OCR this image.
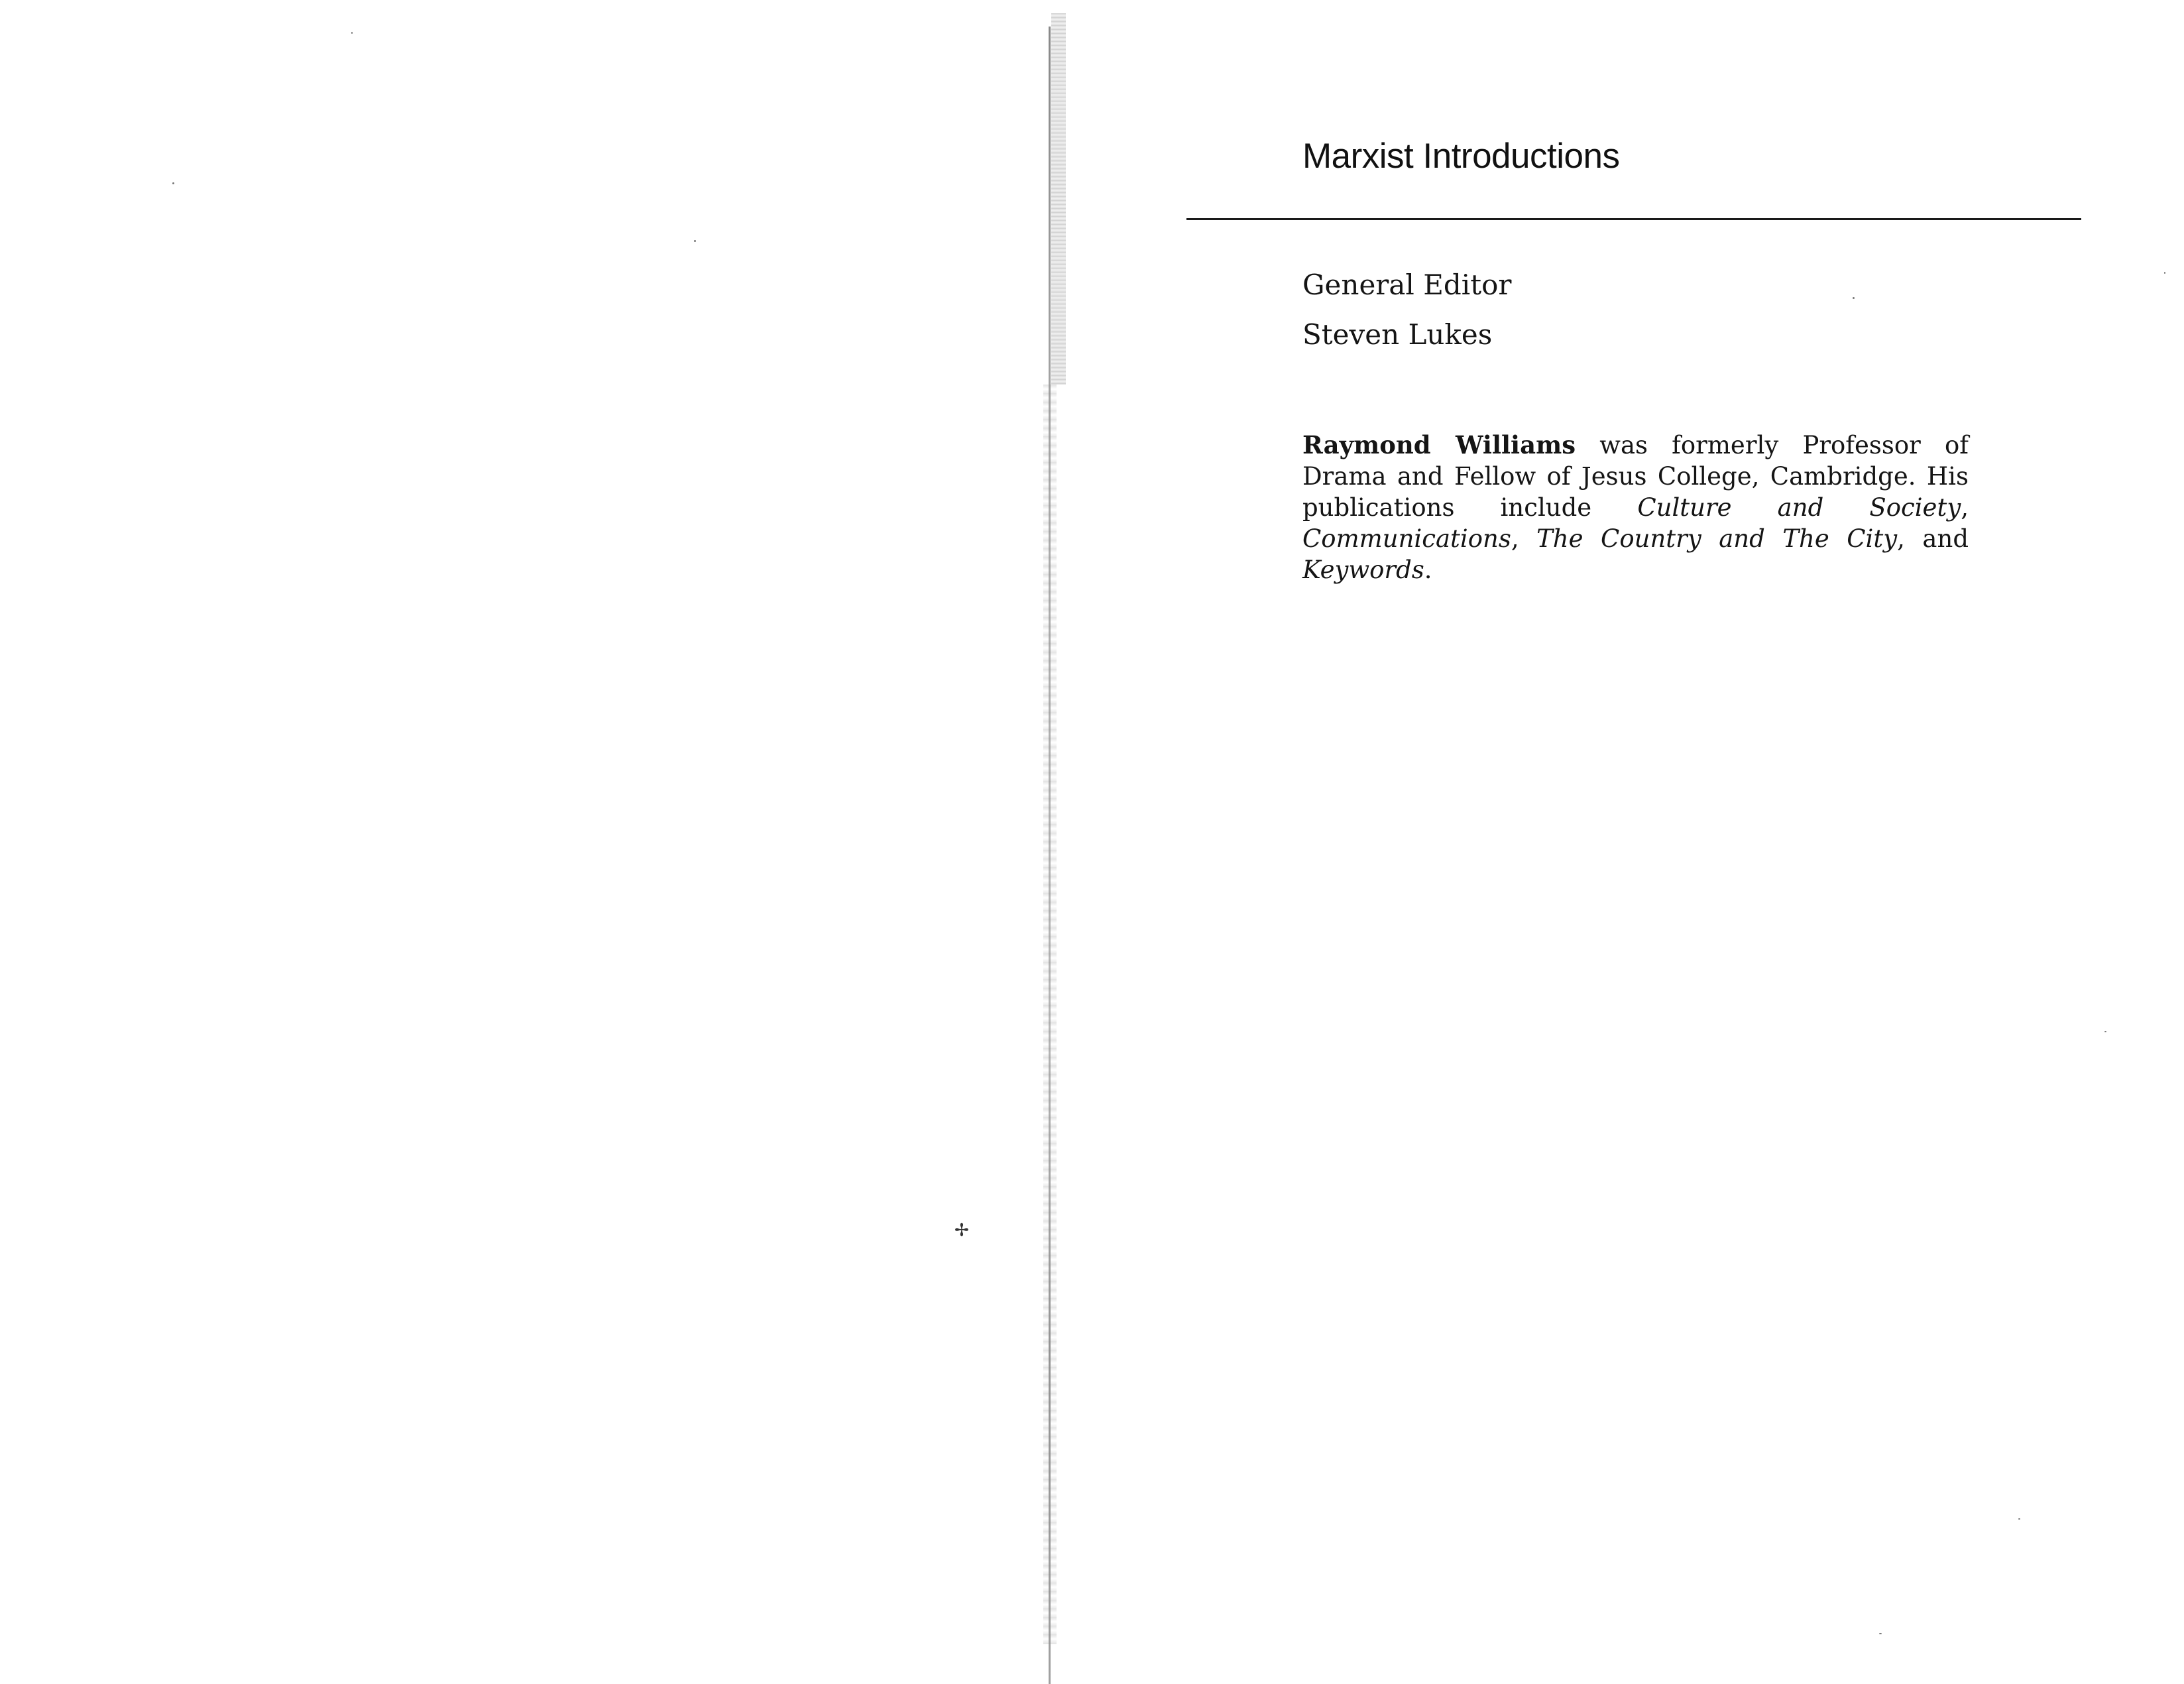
✢
Marxist Introductions
General Editor
Steven Lukes

Raymond Williams was formerly Professor of Drama and Fellow of Jesus College, Cambridge. His publications include Culture and Society, Communications, The Country and The City, and Keywords.
